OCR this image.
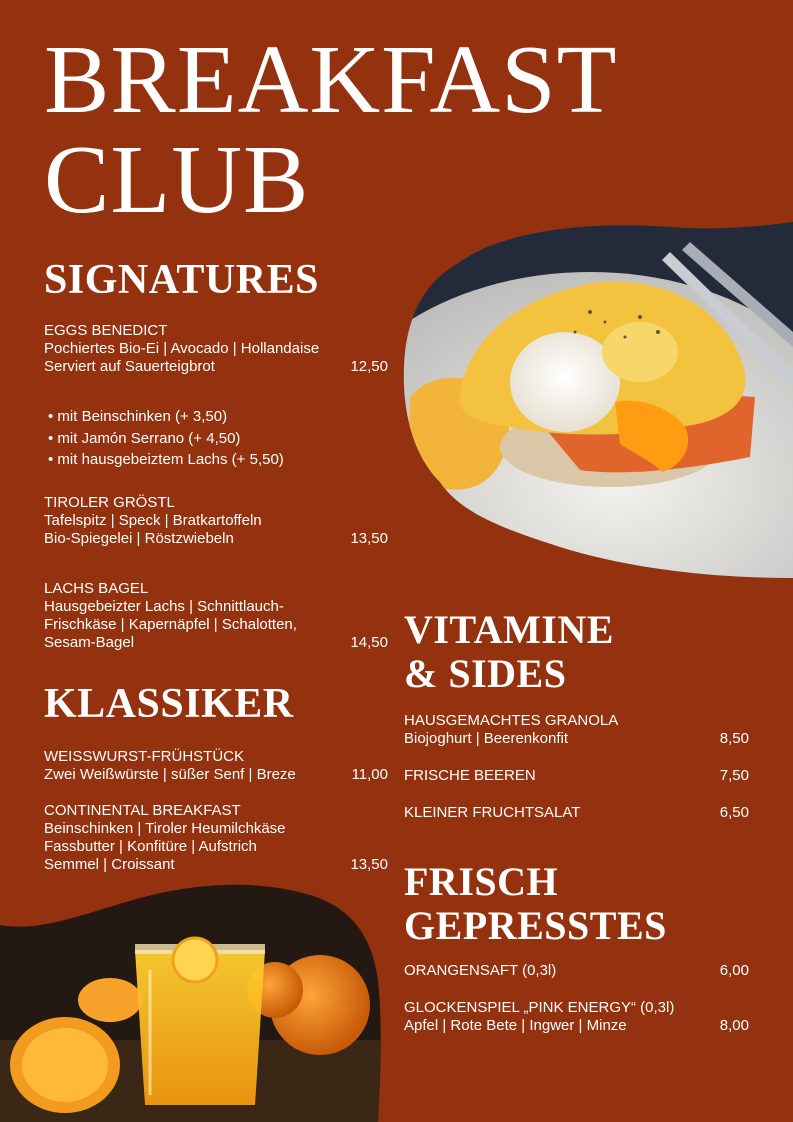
BREAKFAST
CLUB
SIGNATURES
EGGS BENEDICT
Pochiertes Bio-Ei | Avocado | Hollandaise
Serviert auf Sauerteigbrot	12,50
• mit Beinschinken (+ 3,50)
• mit Jamón Serrano (+ 4,50)
• mit hausgebeiztem Lachs (+ 5,50)
TIROLER GRÖSTL
Tafelspitz | Speck | Bratkartoffeln
Bio-Spiegelei | Röstzwiebeln	13,50
LACHS BAGEL
Hausgebeizter Lachs | Schnittlauch-
Frischkäse | Kapernäpfel | Schalotten,
Sesam-Bagel	14,50
KLASSIKER
WEISSWURST-FRÜHSTÜCK
Zwei Weißwürste | süßer Senf | Breze	11,00
CONTINENTAL BREAKFAST
Beinschinken | Tiroler Heumilchkäse
Fassbutter | Konfitüre | Aufstrich
Semmel | Croissant	13,50
VITAMINE
& SIDES
HAUSGEMACHTES GRANOLA
Biojoghurt | Beerenkonfit	8,50
FRISCHE BEEREN	7,50
KLEINER FRUCHTSALAT	6,50
FRISCH
GEPRESSTES
ORANGENSAFT (0,3l)	6,00
GLOCKENSPIEL „PINK ENERGY“ (0,3l)
Apfel | Rote Bete | Ingwer | Minze	8,00
